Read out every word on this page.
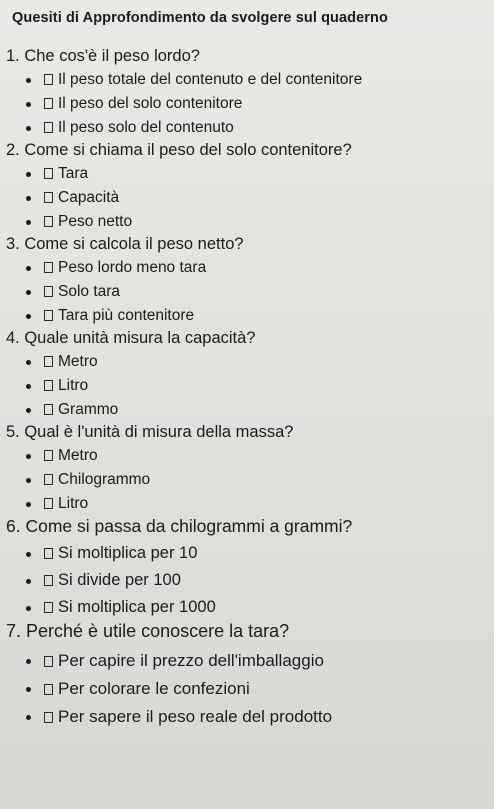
Quesiti di Approfondimento da svolgere sul quaderno

1. Che cos'è il peso lordo?

Il peso totale del contenuto e del contenitore
Il peso del solo contenitore
Il peso solo del contenuto

2. Come si chiama il peso del solo contenitore?

Tara
Capacità
Peso netto

3. Come si calcola il peso netto?

Peso lordo meno tara
Solo tara
Tara più contenitore

4. Quale unità misura la capacità?

Metro
Litro
Grammo

5. Qual è l'unità di misura della massa?

Metro
Chilogrammo
Litro

6. Come si passa da chilogrammi a grammi?

Si moltiplica per 10
Si divide per 100
Si moltiplica per 1000

7. Perché è utile conoscere la tara?

Per capire il prezzo dell'imballaggio
Per colorare le confezioni
Per sapere il peso reale del prodotto
